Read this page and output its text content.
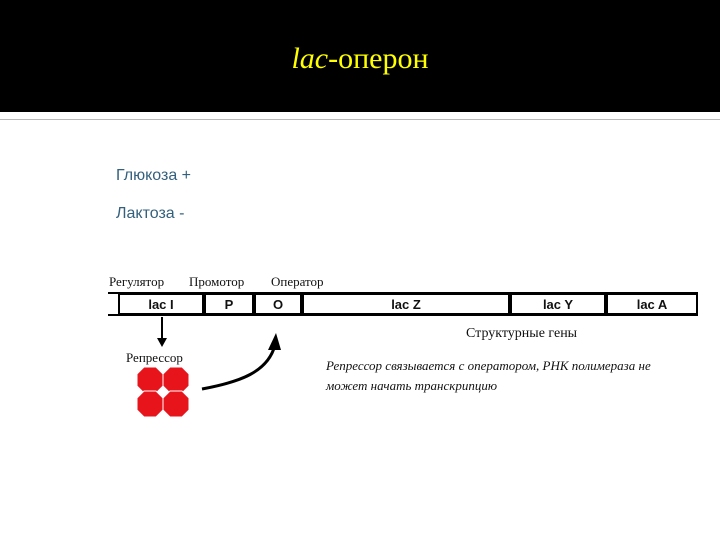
lac-оперон
Глюкоза +
Лактоза -
Регулятор Промотор Оператор
lac I	P	O	lac Z	lac Y	lac A
Структурные гены
Репрессор
Репрессор связывается с оператором, РНК полимераза не может начать транскрипцию
